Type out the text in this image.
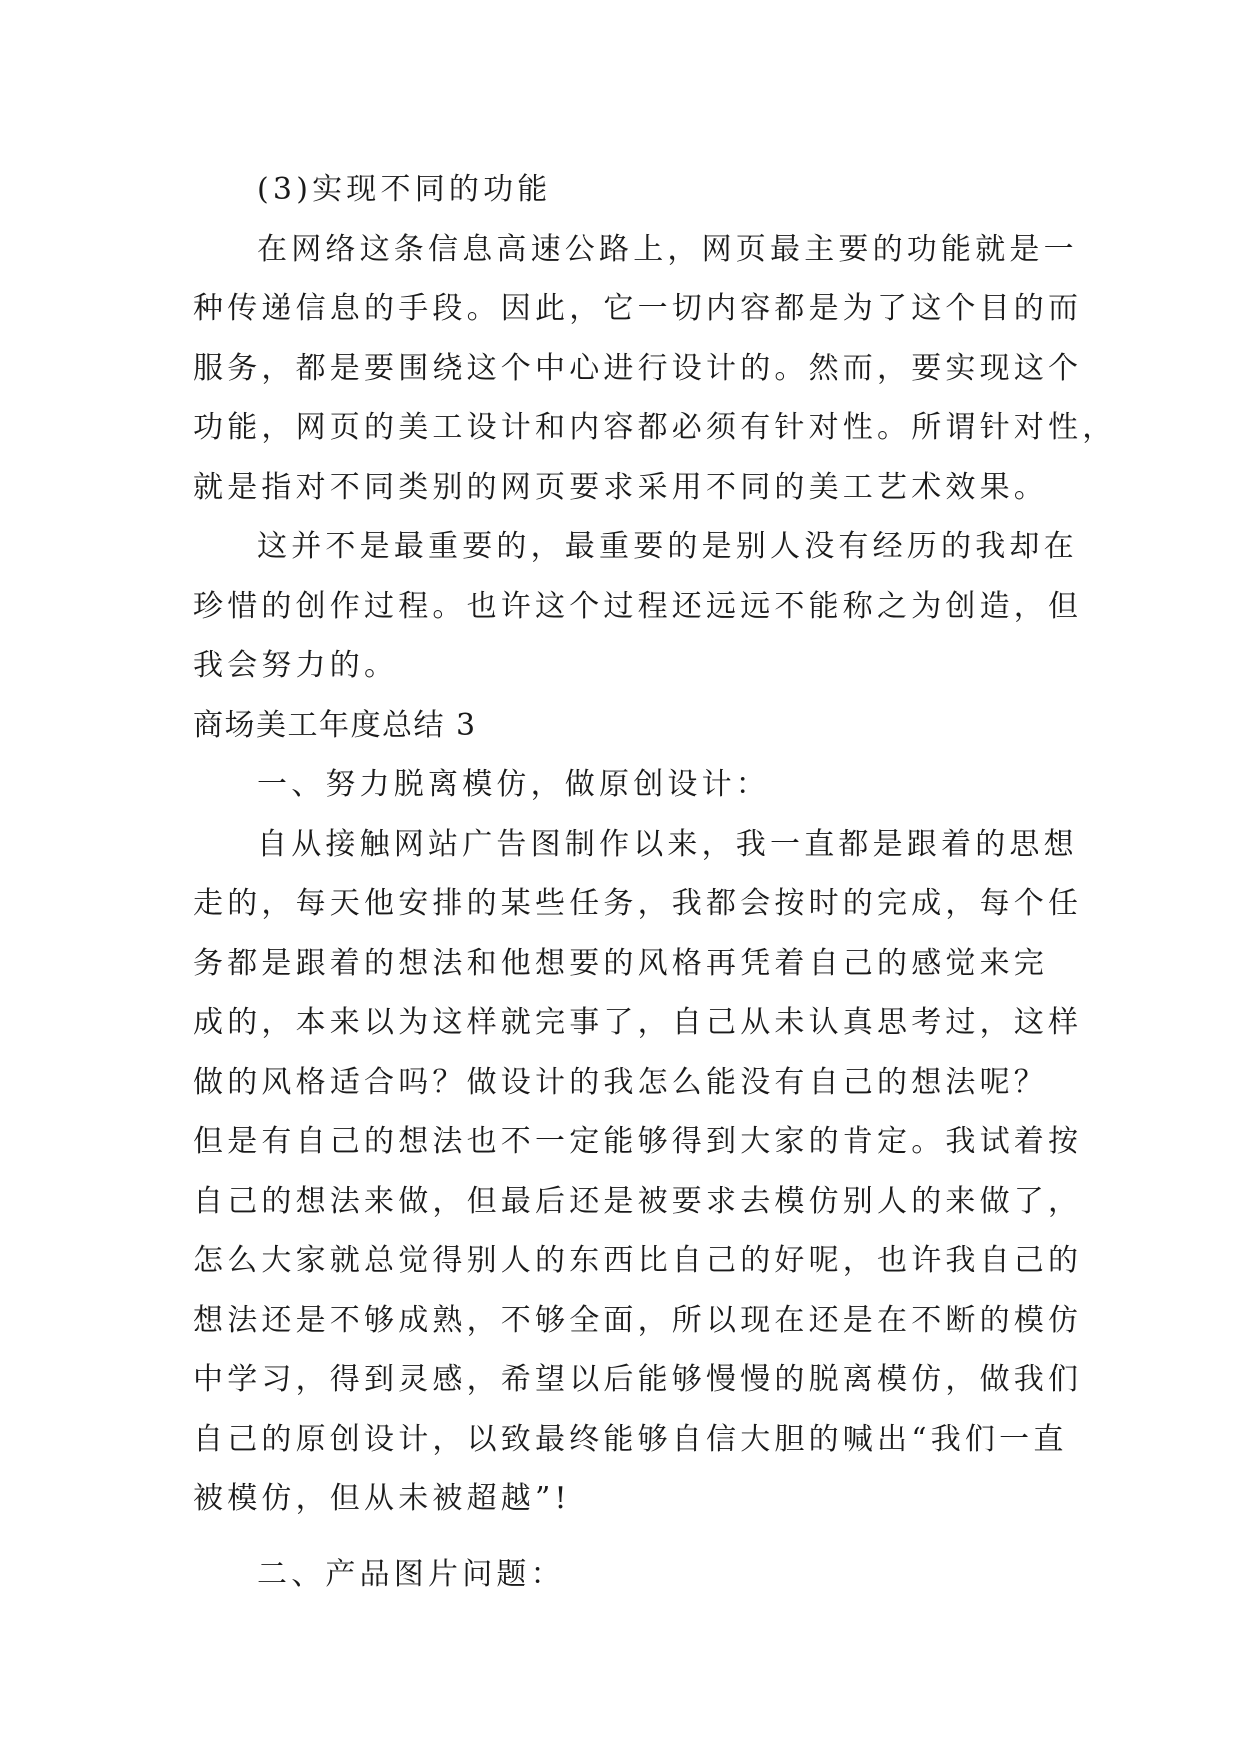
(3)实现不同的功能
在网络这条信息高速公路上，网页最主要的功能就是一
种传递信息的手段。因此，它一切内容都是为了这个目的而
服务，都是要围绕这个中心进行设计的。然而，要实现这个
功能，网页的美工设计和内容都必须有针对性。所谓针对性，
就是指对不同类别的网页要求采用不同的美工艺术效果。
这并不是最重要的，最重要的是别人没有经历的我却在
珍惜的创作过程。也许这个过程还远远不能称之为创造，但
我会努力的。
商场美工年度总结 3
一、努力脱离模仿，做原创设计：
自从接触网站广告图制作以来，我一直都是跟着的思想
走的，每天他安排的某些任务，我都会按时的完成，每个任
务都是跟着的想法和他想要的风格再凭着自己的感觉来完
成的，本来以为这样就完事了，自己从未认真思考过，这样
做的风格适合吗？做设计的我怎么能没有自己的想法呢？
但是有自己的想法也不一定能够得到大家的肯定。我试着按
自己的想法来做，但最后还是被要求去模仿别人的来做了，
怎么大家就总觉得别人的东西比自己的好呢，也许我自己的
想法还是不够成熟，不够全面，所以现在还是在不断的模仿
中学习，得到灵感，希望以后能够慢慢的脱离模仿，做我们
自己的原创设计，以致最终能够自信大胆的喊出“我们一直
被模仿，但从未被超越”!
二、产品图片问题：
